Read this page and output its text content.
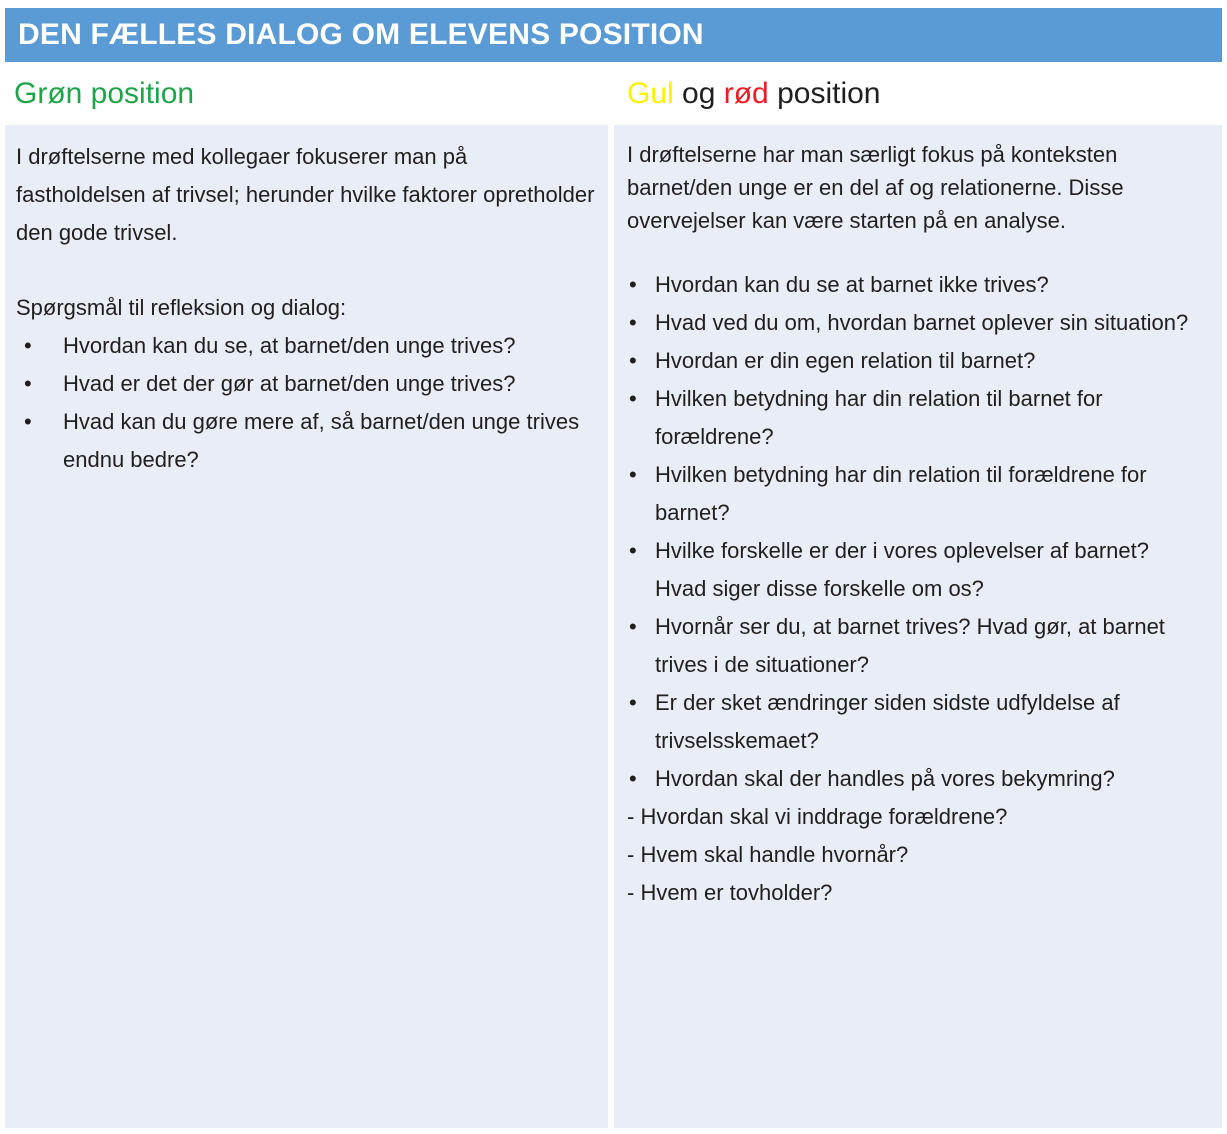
DEN FÆLLES DIALOG OM ELEVENS POSITION
Grøn position	Gul og rød position

I drøftelserne med kollegaer fokuserer man på fastholdelsen af trivsel; herunder hvilke faktorer opretholder den gode trivsel.

Spørgsmål til refleksion og dialog:

• Hvordan kan du se, at barnet/den unge trives?
• Hvad er det der gør at barnet/den unge trives?
• Hvad kan du gøre mere af, så barnet/den unge trives endnu bedre?

I drøftelserne har man særligt fokus på konteksten barnet/den unge er en del af og relationerne. Disse overvejelser kan være starten på en analyse.

• Hvordan kan du se at barnet ikke trives?
• Hvad ved du om, hvordan barnet oplever sin situation?
• Hvordan er din egen relation til barnet?
• Hvilken betydning har din relation til barnet for forældrene?
• Hvilken betydning har din relation til forældrene for barnet?
• Hvilke forskelle er der i vores oplevelser af barnet? Hvad siger disse forskelle om os?
• Hvornår ser du, at barnet trives? Hvad gør, at barnet trives i de situationer?
• Er der sket ændringer siden sidste udfyldelse af trivselsskemaet?
• Hvordan skal der handles på vores bekymring?

- Hvordan skal vi inddrage forældrene?

- Hvem skal handle hvornår?

- Hvem er tovholder?
